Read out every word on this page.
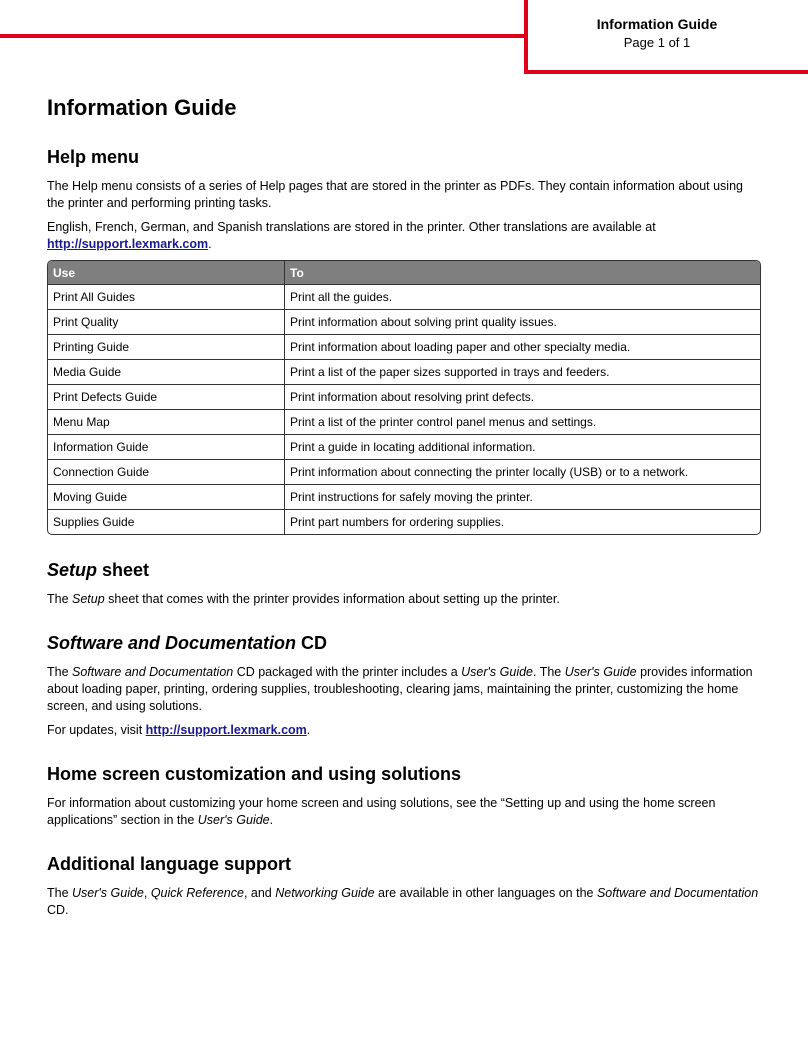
Information Guide
Page 1 of 1
Information Guide
Help menu

The Help menu consists of a series of Help pages that are stored in the printer as PDFs. They contain information about using the printer and performing printing tasks.

English, French, German, and Spanish translations are stored in the printer. Other translations are available at http://support.lexmark.com.

Use	To
Print All Guides	Print all the guides.
Print Quality	Print information about solving print quality issues.
Printing Guide	Print information about loading paper and other specialty media.
Media Guide	Print a list of the paper sizes supported in trays and feeders.
Print Defects Guide	Print information about resolving print defects.
Menu Map	Print a list of the printer control panel menus and settings.
Information Guide	Print a guide in locating additional information.
Connection Guide	Print information about connecting the printer locally (USB) or to a network.
Moving Guide	Print instructions for safely moving the printer.
Supplies Guide	Print part numbers for ordering supplies.
Setup sheet

The Setup sheet that comes with the printer provides information about setting up the printer.

Software and Documentation CD

The Software and Documentation CD packaged with the printer includes a User's Guide. The User's Guide provides information about loading paper, printing, ordering supplies, troubleshooting, clearing jams, maintaining the printer, customizing the home screen, and using solutions.

For updates, visit http://support.lexmark.com.

Home screen customization and using solutions

For information about customizing your home screen and using solutions, see the “Setting up and using the home screen applications” section in the User's Guide.

Additional language support

The User's Guide, Quick Reference, and Networking Guide are available in other languages on the Software and Documentation CD.
